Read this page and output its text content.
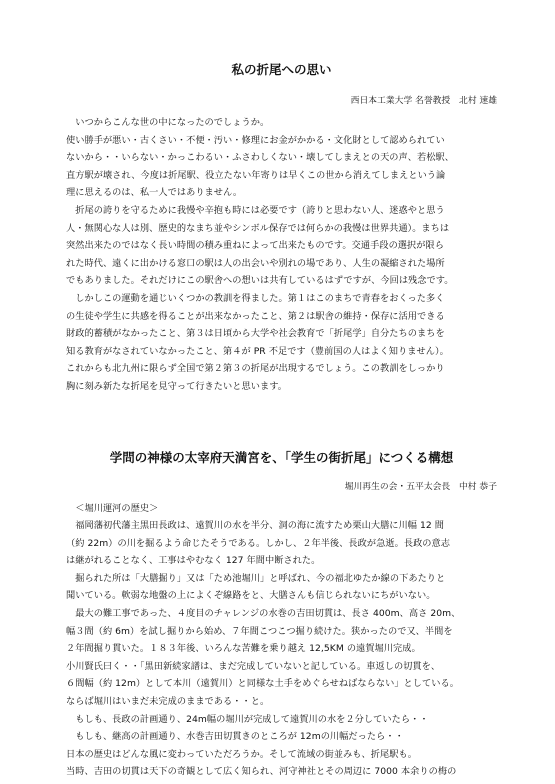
私の折尾への思い
西日本工業大学 名誉教授　北村 速雄
　いつからこんな世の中になったのでしょうか。
使い勝手が悪い・古くさい・不便・汚い・修理にお金がかかる・文化財として認められてい
ないから・・いらない・かっこわるい・ふさわしくない・壊してしまえとの天の声、若松駅、
直方駅が壊され、今度は折尾駅、役立たない年寄りは早くこの世から消えてしまえという論
理に思えるのは、私一人ではありません。
　折尾の誇りを守るために我慢や辛抱も時には必要です（誇りと思わない人、迷惑やと思う
人・無関心な人は別、歴史的なまち並やシンボル保存では何らかの我慢は世界共通）。まちは
突然出来たのではなく長い時間の積み重ねによって出来たものです。交通手段の選択が限ら
れた時代、遠くに出かける窓口の駅は人の出会いや別れの場であり、人生の凝縮された場所
でもありました。それだけにこの駅舎への想いは共有しているはずですが、今回は残念です。
　しかしこの運動を通じいくつかの教訓を得ました。第１はこのまちで青春をおくった多く
の生徒や学生に共感を得ることが出来なかったこと、第２は駅舎の維持・保存に活用できる
財政的蓄積がなかったこと、第３は日頃から大学や社会教育で「折尾学」自分たちのまちを
知る教育がなされていなかったこと、第４が PR 不足です（豊前国の人はよく知りません）。
これからも北九州に限らず全国で第２第３の折尾が出現するでしょう。この教訓をしっかり
胸に刻み新たな折尾を見守って行きたいと思います。
学問の神様の太宰府天満宮を、「学生の街折尾」につくる構想
堀川再生の会・五平太会長　中村 恭子
　＜堀川運河の歴史＞
　福岡藩初代藩主黒田長政は、遠賀川の水を半分、洞の海に流すため栗山大膳に川幅 12 間
（約 22m）の川を掘るよう命じたそうである。しかし、２年半後、長政が急逝。長政の意志
は継がれることなく、工事はやむなく 127 年間中断された。
　掘られた所は「大膳掘り」又は「ため池堀川」と呼ばれ、今の福北ゆたか線の下あたりと
聞いている。軟弱な地盤の上によくぞ線路をと、大膳さんも信じられないにちがいない。
　最大の難工事であった、４度目のチャレンジの水巻の吉田切貫は、長さ 400m、高さ 20m、
幅３間（約 6m）を試し掘りから始め、７年間こつこつ掘り続けた。狭かったので又、半間を
２年間掘り貫いた。１８３年後、いろんな苦難を乗り越え 12,5KM の遠賀堀川完成。
小川賢氏曰く・・「黒田新続家譜は、まだ完成していないと記している。車返しの切貫を、
６間幅（約 12m）として本川（遠賀川）と同様な土手をめぐらせねばならない」としている。
ならば堀川はいまだ未完成のままである・・と。
　もしも、長政の計画通り、24m幅の堀川が完成して遠賀川の水を２分していたら・・
　もしも、継高の計画通り、水巻吉田切貫きのところが 12mの川幅だったら・・
日本の歴史はどんな風に変わっていただろうか。そして流域の街並みも、折尾駅も。
当時、吉田の切貫は天下の奇観として広く知られ、河守神社とその周辺に 7000 本余りの梅の
